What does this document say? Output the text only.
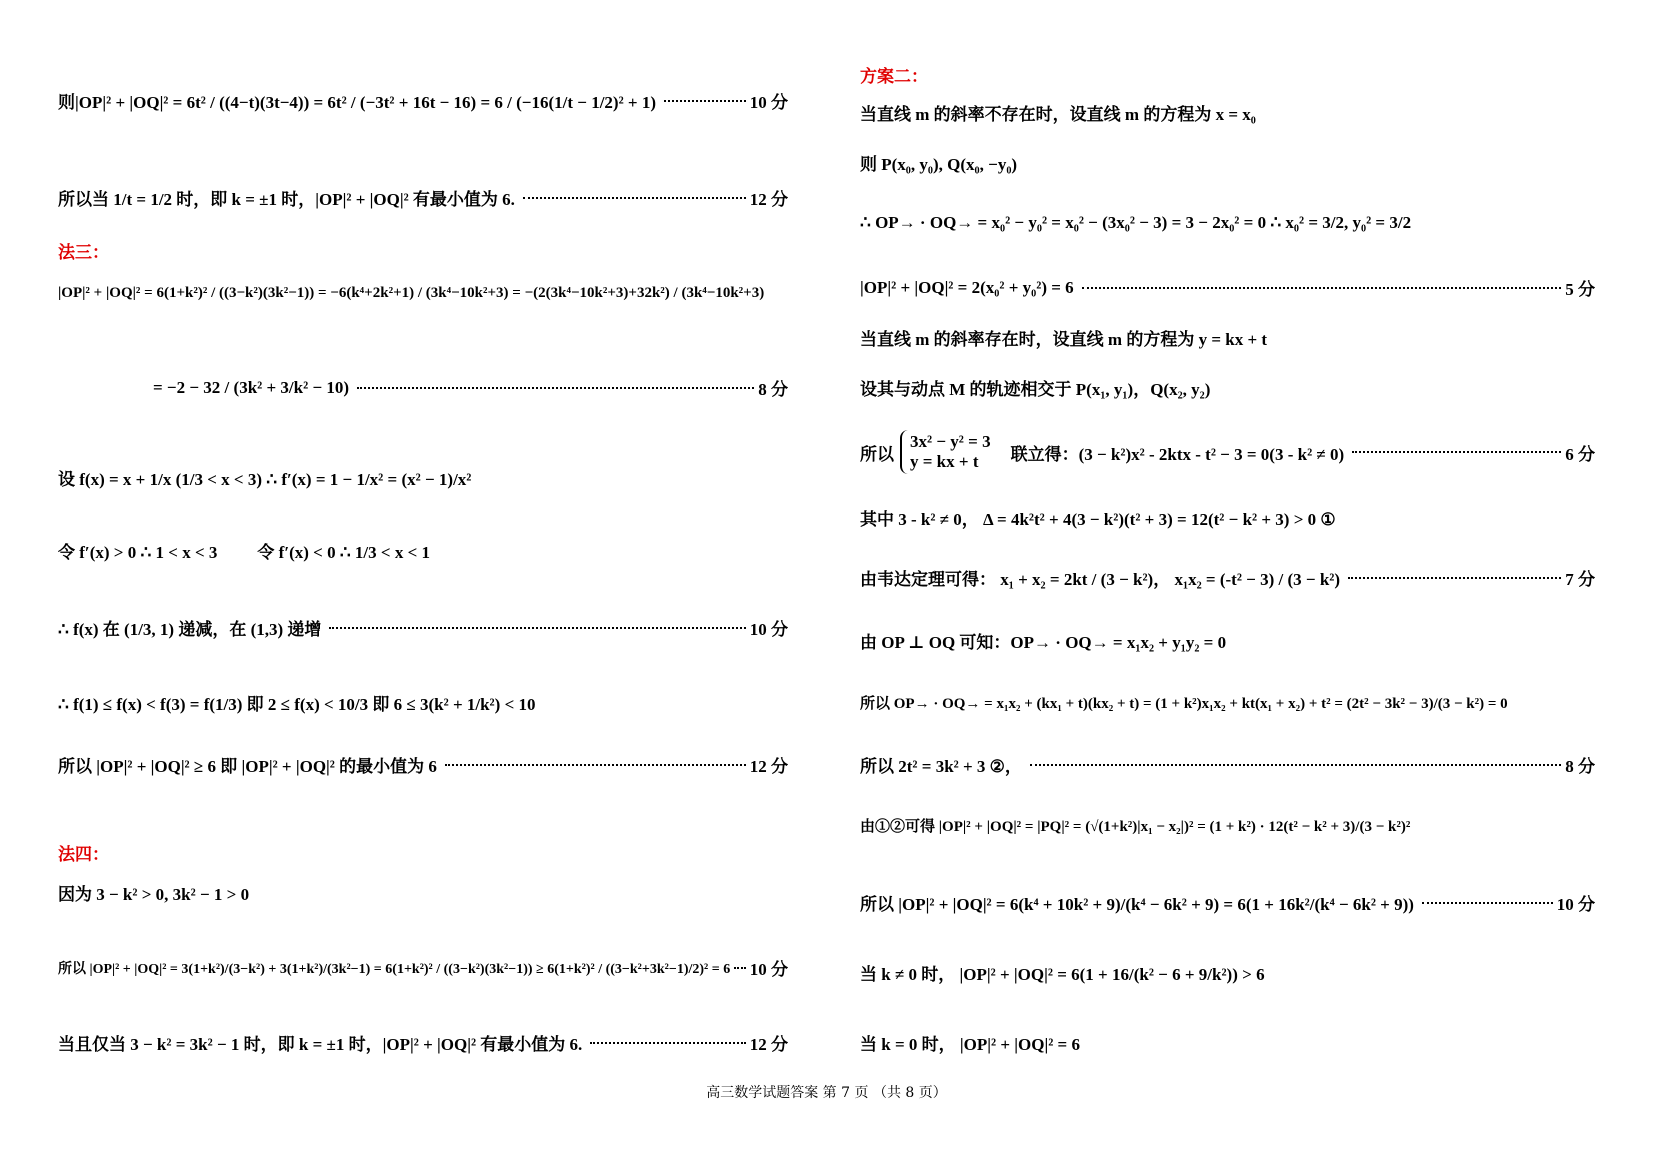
则|OP|² + |OQ|² = 6t² / ((4−t)(3t−4)) = 6t² / (−3t² + 16t − 16) = 6 / (−16(1/t − 1/2)² + 1)	10 分
所以当 1/t = 1/2 时，即 k = ±1 时，|OP|² + |OQ|² 有最小值为 6.	12 分
法三：
|OP|² + |OQ|² = 6(1+k²)² / ((3−k²)(3k²−1)) = −6(k⁴+2k²+1) / (3k⁴−10k²+3) = −(2(3k⁴−10k²+3)+32k²) / (3k⁴−10k²+3)
= −2 − 32 / (3k² + 3/k² − 10)	8 分
设 f(x) = x + 1/x (1/3 < x < 3) ∴ f′(x) = 1 − 1/x² = (x² − 1)/x²
令 f′(x) > 0 ∴ 1 < x < 3 令 f′(x) < 0 ∴ 1/3 < x < 1
∴ f(x) 在 (1/3, 1) 递减，在 (1,3) 递增	10 分
∴ f(1) ≤ f(x) < f(3) = f(1/3) 即 2 ≤ f(x) < 10/3 即 6 ≤ 3(k² + 1/k²) < 10
所以 |OP|² + |OQ|² ≥ 6 即 |OP|² + |OQ|² 的最小值为 6	12 分
法四：
因为 3 − k² > 0, 3k² − 1 > 0
所以 |OP|² + |OQ|² = 3(1+k²)/(3−k²) + 3(1+k²)/(3k²−1) = 6(1+k²)² / ((3−k²)(3k²−1)) ≥ 6(1+k²)² / ((3−k²+3k²−1)/2)² = 6 10 分
当且仅当 3 − k² = 3k² − 1 时，即 k = ±1 时，|OP|² + |OQ|² 有最小值为 6.	12 分
方案二：
当直线 m 的斜率不存在时，设直线 m 的方程为 x = x₀
则 P(x₀, y₀), Q(x₀, −y₀)
∴ OP→ · OQ→ = x₀² − y₀² = x₀² − (3x₀² − 3) = 3 − 2x₀² = 0 ∴ x₀² = 3/2, y₀² = 3/2
|OP|² + |OQ|² = 2(x₀² + y₀²) = 6	5 分
当直线 m 的斜率存在时，设直线 m 的方程为 y = kx + t
设其与动点 M 的轨迹相交于 P(x₁, y₁)，Q(x₂, y₂)
所以
3x² − y² = 3
y = kx + t	联立得：(3 − k²)x² - 2ktx - t² − 3 = 0(3 - k² ≠ 0)	6 分
其中 3 - k² ≠ 0， Δ = 4k²t² + 4(3 − k²)(t² + 3) = 12(t² − k² + 3) > 0 ①
由韦达定理可得： x₁ + x₂ = 2kt / (3 − k²)， x₁x₂ = (-t² − 3) / (3 − k²)	7 分
由 OP ⊥ OQ 可知：OP→ · OQ→ = x₁x₂ + y₁y₂ = 0
所以 OP→ · OQ→ = x₁x₂ + (kx₁ + t)(kx₂ + t) = (1 + k²)x₁x₂ + kt(x₁ + x₂) + t² = (2t² − 3k² − 3)/(3 − k²) = 0
所以 2t² = 3k² + 3 ②，	8 分
由①②可得 |OP|² + |OQ|² = |PQ|² = (√(1+k²)|x₁ − x₂|)² = (1 + k²) · 12(t² − k² + 3)/(3 − k²)²
所以 |OP|² + |OQ|² = 6(k⁴ + 10k² + 9)/(k⁴ − 6k² + 9) = 6(1 + 16k²/(k⁴ − 6k² + 9))	10 分
当 k ≠ 0 时， |OP|² + |OQ|² = 6(1 + 16/(k² − 6 + 9/k²)) > 6
当 k = 0 时， |OP|² + |OQ|² = 6
高三数学试题答案 第 7 页 （共 8 页）
